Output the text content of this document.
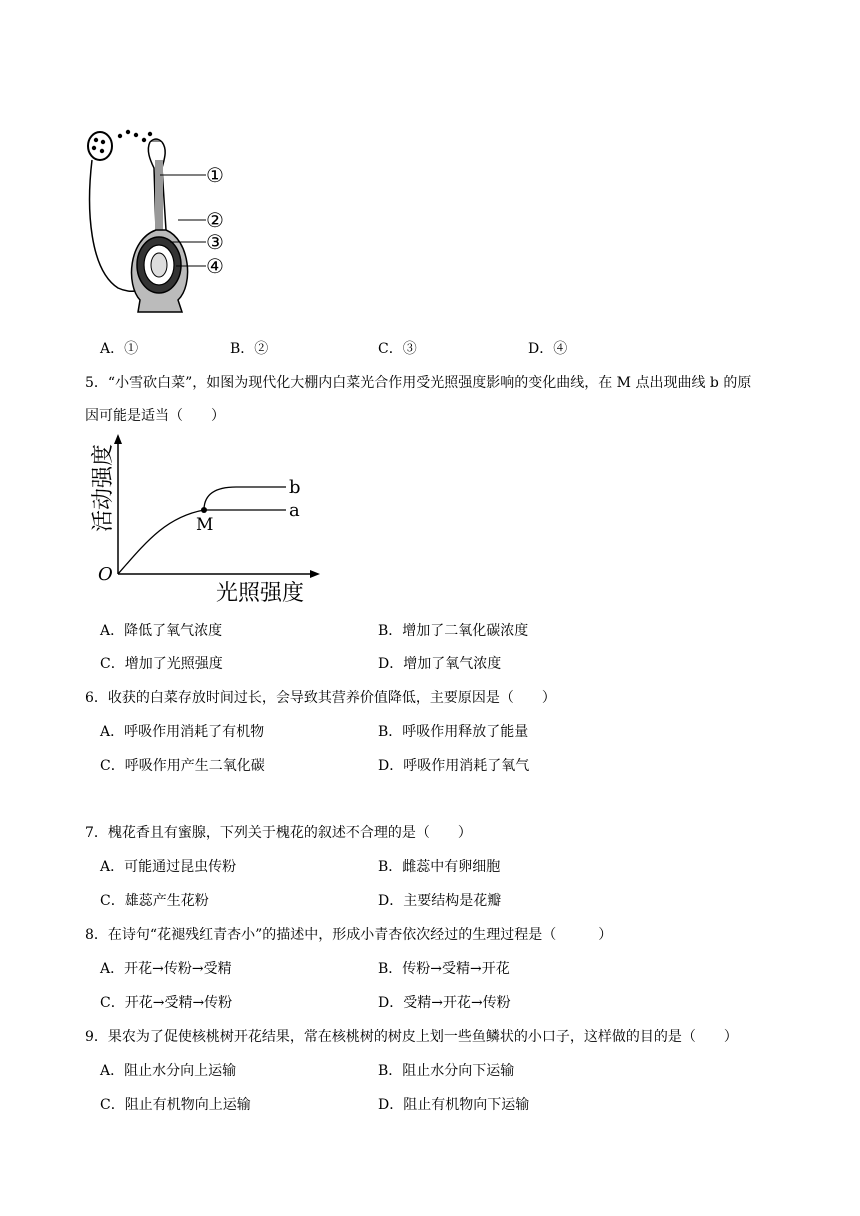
①
②
③
④
A．①	B．②	C．③	D．④
5．“小雪砍白菜”，如图为现代化大棚内白菜光合作用受光照强度影响的变化曲线，在 M 点出现曲线 b 的原
因可能是适当（　　）
b
a
M
O
光照强度
活动强度
A．降低了氧气浓度	B．增加了二氧化碳浓度
C．增加了光照强度	D．增加了氧气浓度
6．收获的白菜存放时间过长，会导致其营养价值降低，主要原因是（　　）
A．呼吸作用消耗了有机物	B．呼吸作用释放了能量
C．呼吸作用产生二氧化碳	D．呼吸作用消耗了氧气
7．槐花香且有蜜腺，下列关于槐花的叙述不合理的是（　　）
A．可能通过昆虫传粉	B．雌蕊中有卵细胞
C．雄蕊产生花粉	D．主要结构是花瓣
8．在诗句“花褪残红青杏小”的描述中，形成小青杏依次经过的生理过程是（　　　）
A．开花→传粉→受精	B．传粉→受精→开花
C．开花→受精→传粉	D．受精→开花→传粉
9．果农为了促使核桃树开花结果，常在核桃树的树皮上划一些鱼鳞状的小口子，这样做的目的是（　　）
A．阻止水分向上运输	B．阻止水分向下运输
C．阻止有机物向上运输	D．阻止有机物向下运输
